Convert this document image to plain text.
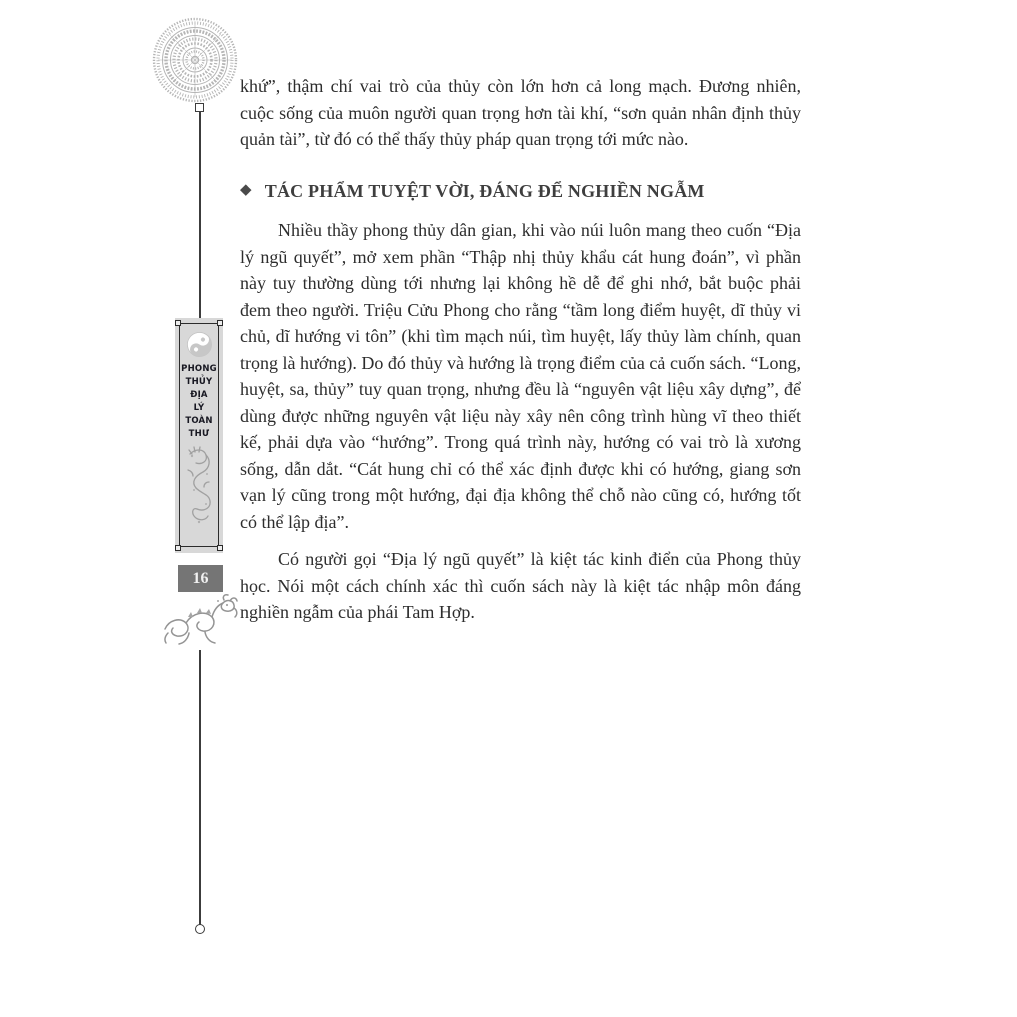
PHONG
THỦY
ĐỊA
LÝ
TOÀN
THƯ
16

khứ”, thậm chí vai trò của thủy còn lớn hơn cả long mạch. Đương nhiên, cuộc sống của muôn người quan trọng hơn tài khí, “sơn quản nhân định thủy quản tài”, từ đó có thể thấy thủy pháp quan trọng tới mức nào.

◆ TÁC PHẨM TUYỆT VỜI, ĐÁNG ĐỂ NGHIỀN NGẪM

Nhiều thầy phong thủy dân gian, khi vào núi luôn mang theo cuốn “Địa lý ngũ quyết”, mở xem phần “Thập nhị thủy khẩu cát hung đoán”, vì phần này tuy thường dùng tới nhưng lại không hề dễ để ghi nhớ, bắt buộc phải đem theo người. Triệu Cửu Phong cho rằng “tầm long điểm huyệt, dĩ thủy vi chủ, dĩ hướng vi tôn” (khi tìm mạch núi, tìm huyệt, lấy thủy làm chính, quan trọng là hướng). Do đó thủy và hướng là trọng điểm của cả cuốn sách. “Long, huyệt, sa, thủy” tuy quan trọng, nhưng đều là “nguyên vật liệu xây dựng”, để dùng được những nguyên vật liệu này xây nên công trình hùng vĩ theo thiết kế, phải dựa vào “hướng”. Trong quá trình này, hướng có vai trò là xương sống, dẫn dắt. “Cát hung chỉ có thể xác định được khi có hướng, giang sơn vạn lý cũng trong một hướng, đại địa không thể chỗ nào cũng có, hướng tốt có thể lập địa”.

Có người gọi “Địa lý ngũ quyết” là kiệt tác kinh điển của Phong thủy học. Nói một cách chính xác thì cuốn sách này là kiệt tác nhập môn đáng nghiền ngẫm của phái Tam Hợp.
